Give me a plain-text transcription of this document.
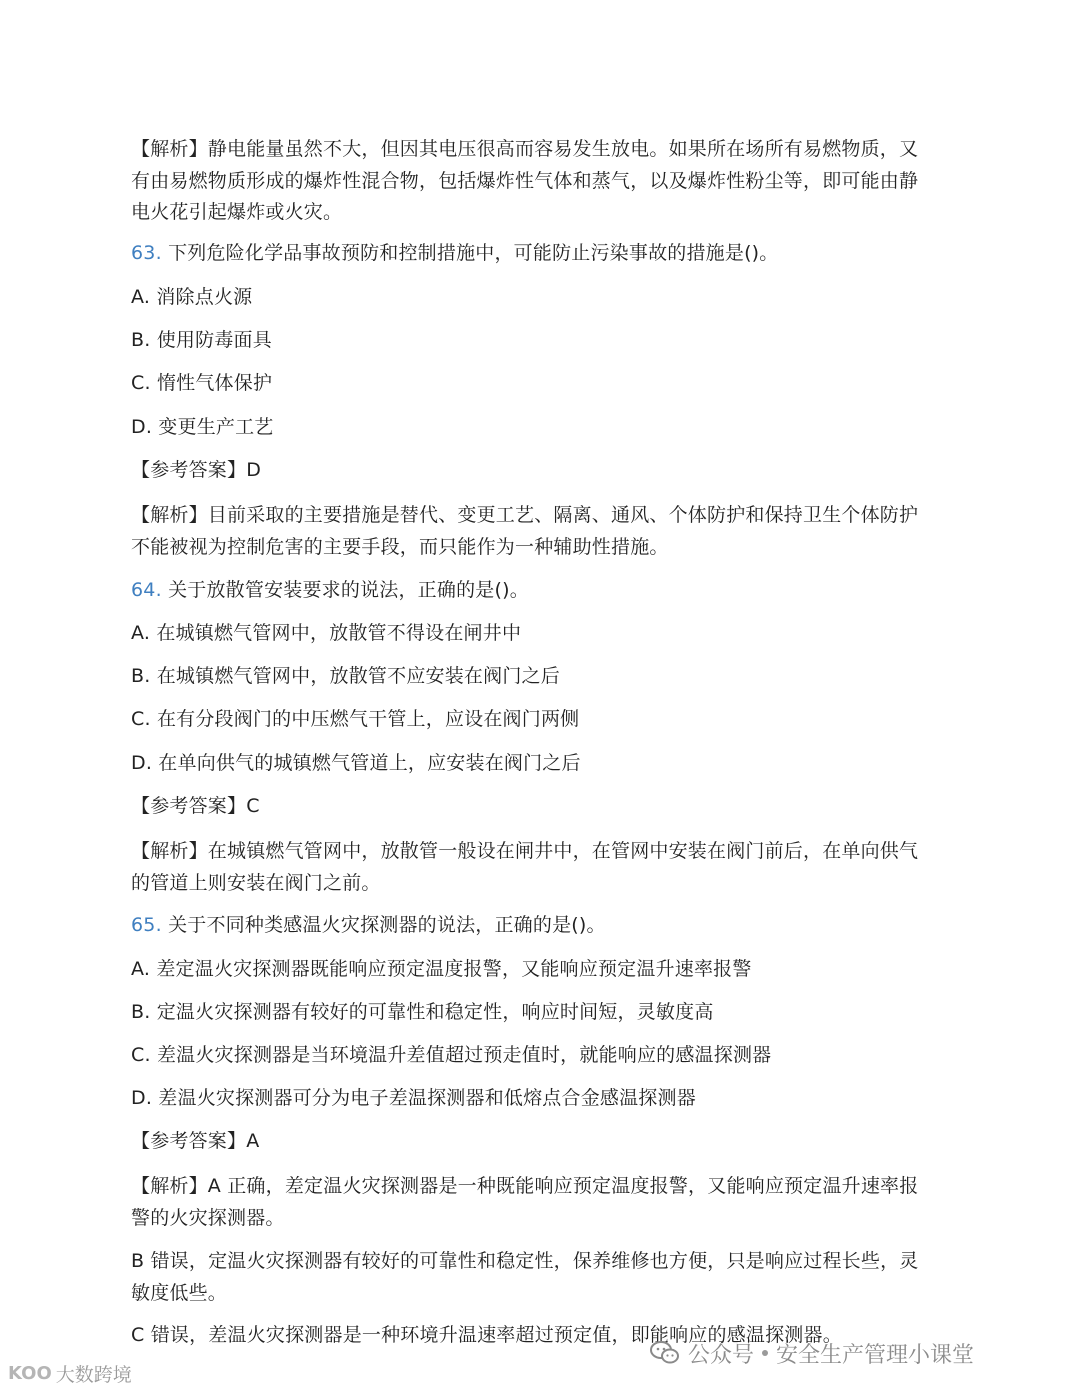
【解析】静电能量虽然不大，但因其电压很高而容易发生放电。如果所在场所有易燃物质，又
有由易燃物质形成的爆炸性混合物，包括爆炸性气体和蒸气，以及爆炸性粉尘等，即可能由静
电火花引起爆炸或火灾。
63. 下列危险化学品事故预防和控制措施中，可能防止污染事故的措施是()。
A. 消除点火源
B. 使用防毒面具
C. 惰性气体保护
D. 变更生产工艺
【参考答案】D
【解析】目前采取的主要措施是替代、变更工艺、隔离、通风、个体防护和保持卫生个体防护
不能被视为控制危害的主要手段，而只能作为一种辅助性措施。
64. 关于放散管安装要求的说法，正确的是()。
A. 在城镇燃气管网中，放散管不得设在闸井中
B. 在城镇燃气管网中，放散管不应安装在阀门之后
C. 在有分段阀门的中压燃气干管上，应设在阀门两侧
D. 在单向供气的城镇燃气管道上，应安装在阀门之后
【参考答案】C
【解析】在城镇燃气管网中，放散管一般设在闸井中，在管网中安装在阀门前后，在单向供气
的管道上则安装在阀门之前。
65. 关于不同种类感温火灾探测器的说法，正确的是()。
A. 差定温火灾探测器既能响应预定温度报警，又能响应预定温升速率报警
B. 定温火灾探测器有较好的可靠性和稳定性，响应时间短，灵敏度高
C. 差温火灾探测器是当环境温升差值超过预走值时，就能响应的感温探测器
D. 差温火灾探测器可分为电子差温探测器和低熔点合金感温探测器
【参考答案】A
【解析】A 正确，差定温火灾探测器是一种既能响应预定温度报警，又能响应预定温升速率报
警的火灾探测器。
B 错误，定温火灾探测器有较好的可靠性和稳定性，保养维修也方便，只是响应过程长些，灵
敏度低些。
C 错误，差温火灾探测器是一种环境升温速率超过预定值，即能响应的感温探测器。
KOO 大数跨境
公众号 安全生产管理小课堂
